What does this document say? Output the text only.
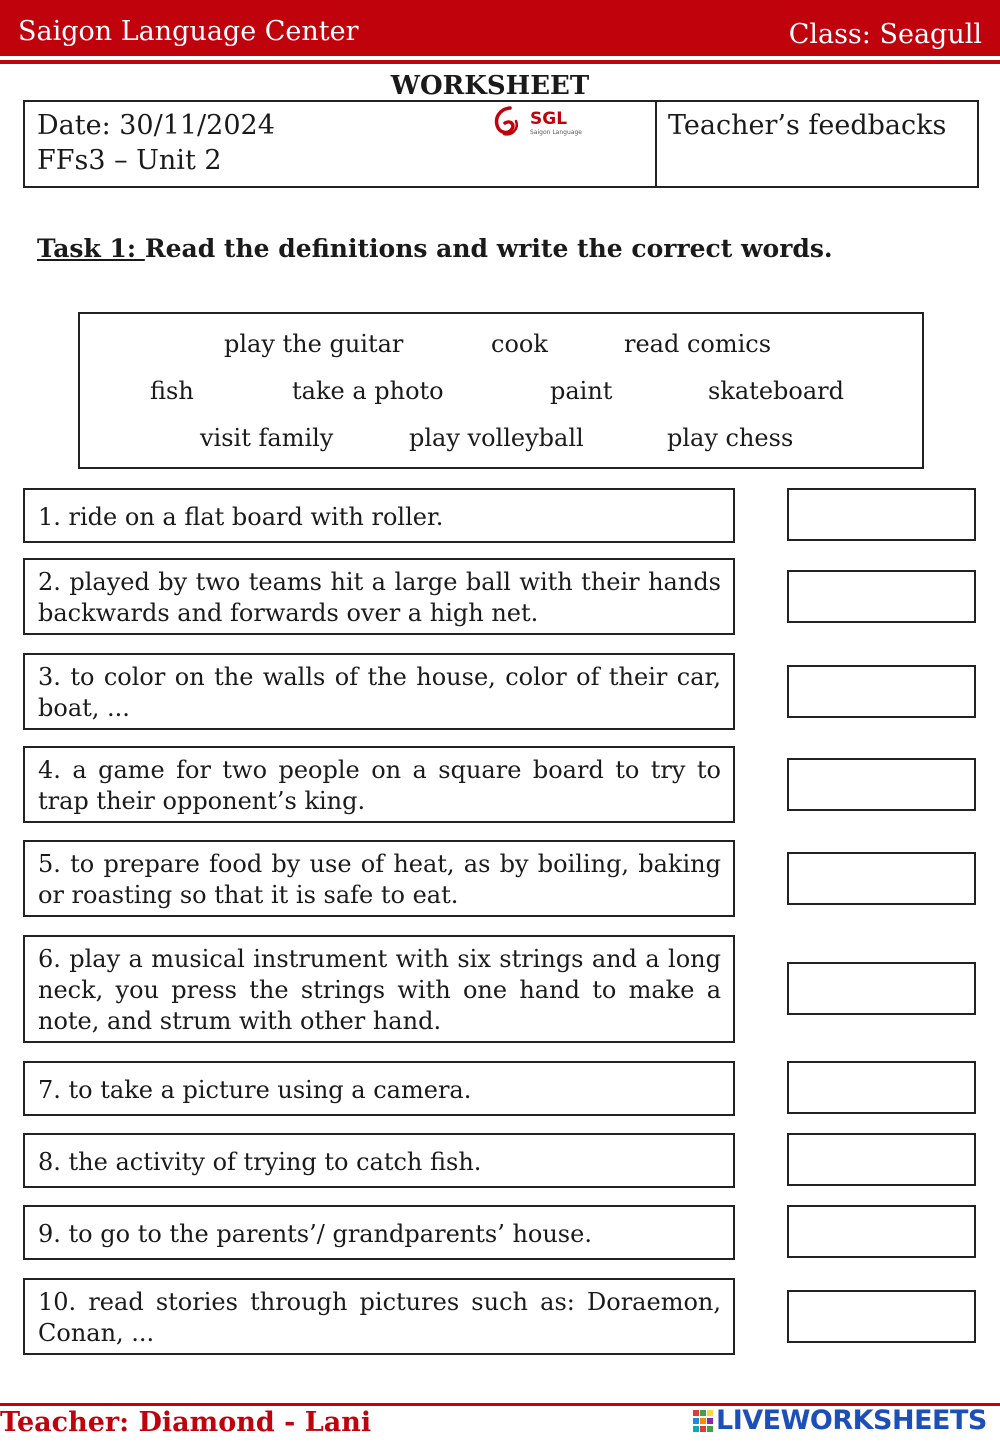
Saigon Language Center	Class: Seagull
WORKSHEET
Date: 30/11/2024
FFs3 – Unit 2
Teacher’s feedbacks
SGL
Saigon Language
Task 1: Read the definitions and write the correct words.
play the guitar	cook	read comics
fish	take a photo	paint	skateboard
visit family	play volleyball	play chess
1. ride on a flat board with roller.
2. played by two teams hit a large ball with their hands backwards and forwards over a high net.
3. to color on the walls of the house, color of their car, boat, ...
4. a game for two people on a square board to try to trap their opponent’s king.
5. to prepare food by use of heat, as by boiling, baking or roasting so that it is safe to eat.
6. play a musical instrument with six strings and a long neck, you press the strings with one hand to make a note, and strum with other hand.
7. to take a picture using a camera.
8. the activity of trying to catch fish.
9. to go to the parents’/ grandparents’ house.
10. read stories through pictures such as: Doraemon, Conan, ...
Teacher: Diamond - Lani	LIVEWORKSHEETS
